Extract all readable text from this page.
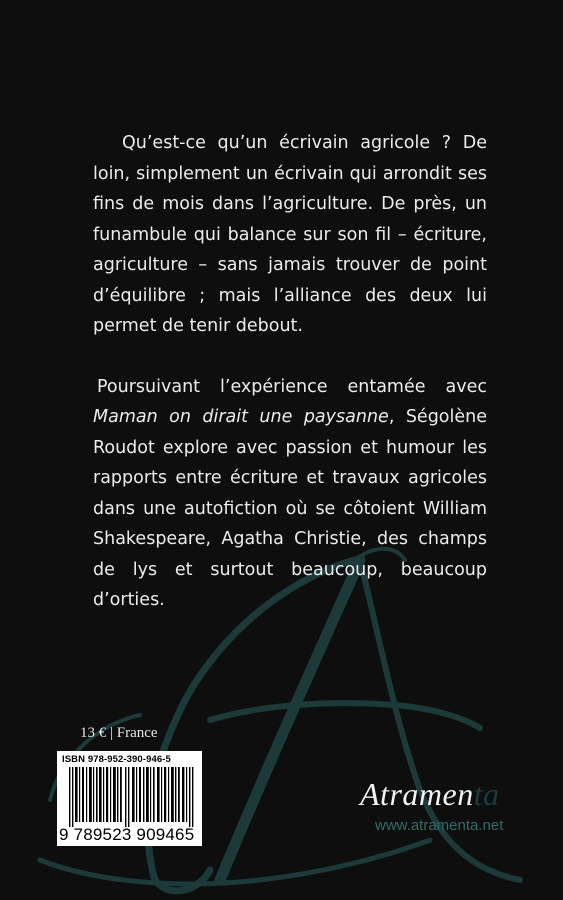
Qu’est-ce qu’un écrivain agricole ? De loin, simplement un écrivain qui arrondit ses fins de mois dans l’agriculture. De près, un funambule qui balance sur son fil – écriture, agriculture – sans jamais trouver de point d’équilibre ; mais l’alliance des deux lui permet de tenir debout.

Poursuivant l’expérience entamée avec Maman on dirait une paysanne, Ségolène Roudot explore avec passion et humour les rapports entre écriture et travaux agricoles dans une autofiction où se côtoient William Shakespeare, Agatha Christie, des champs de lys et surtout beaucoup, beaucoup d’orties.

13 € | France
ISBN 978-952-390-946-5
9 789523 909465
Atramenta
www.atramenta.net
